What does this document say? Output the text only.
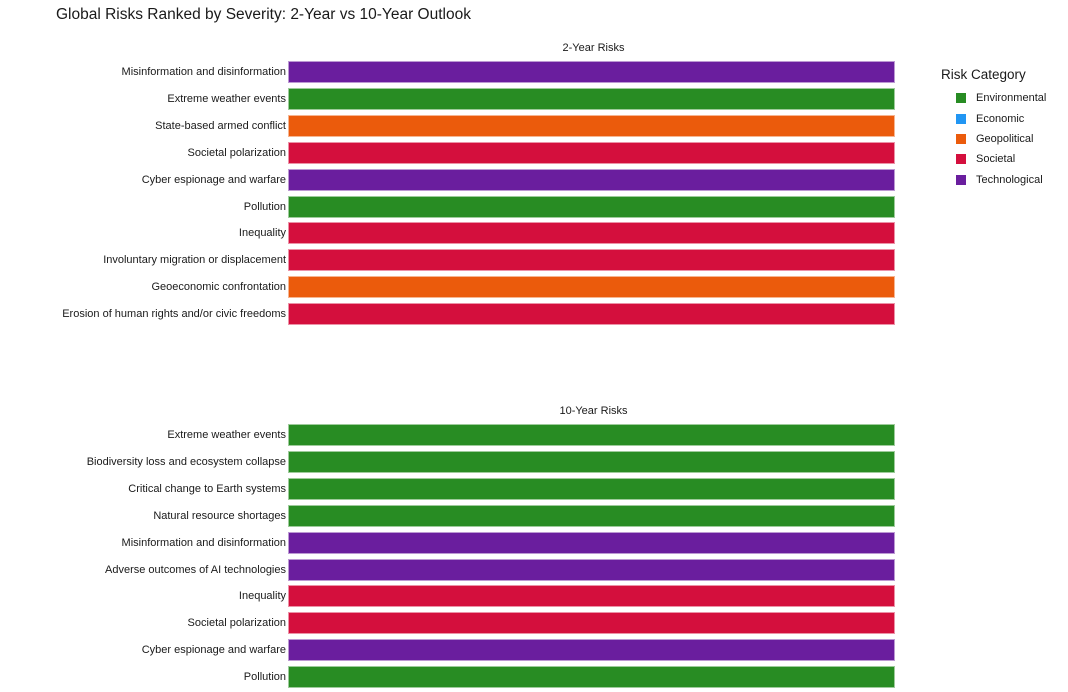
Global Risks Ranked by Severity: 2-Year vs 10-Year Outlook
2-Year Risks
Misinformation and disinformation
Extreme weather events
State-based armed conflict
Societal polarization
Cyber espionage and warfare
Pollution
Inequality
Involuntary migration or displacement
Geoeconomic confrontation
Erosion of human rights and/or civic freedoms
10-Year Risks
Extreme weather events
Biodiversity loss and ecosystem collapse
Critical change to Earth systems
Natural resource shortages
Misinformation and disinformation
Adverse outcomes of AI technologies
Inequality
Societal polarization
Cyber espionage and warfare
Pollution
Risk Category
Environmental
Economic
Geopolitical
Societal
Technological
